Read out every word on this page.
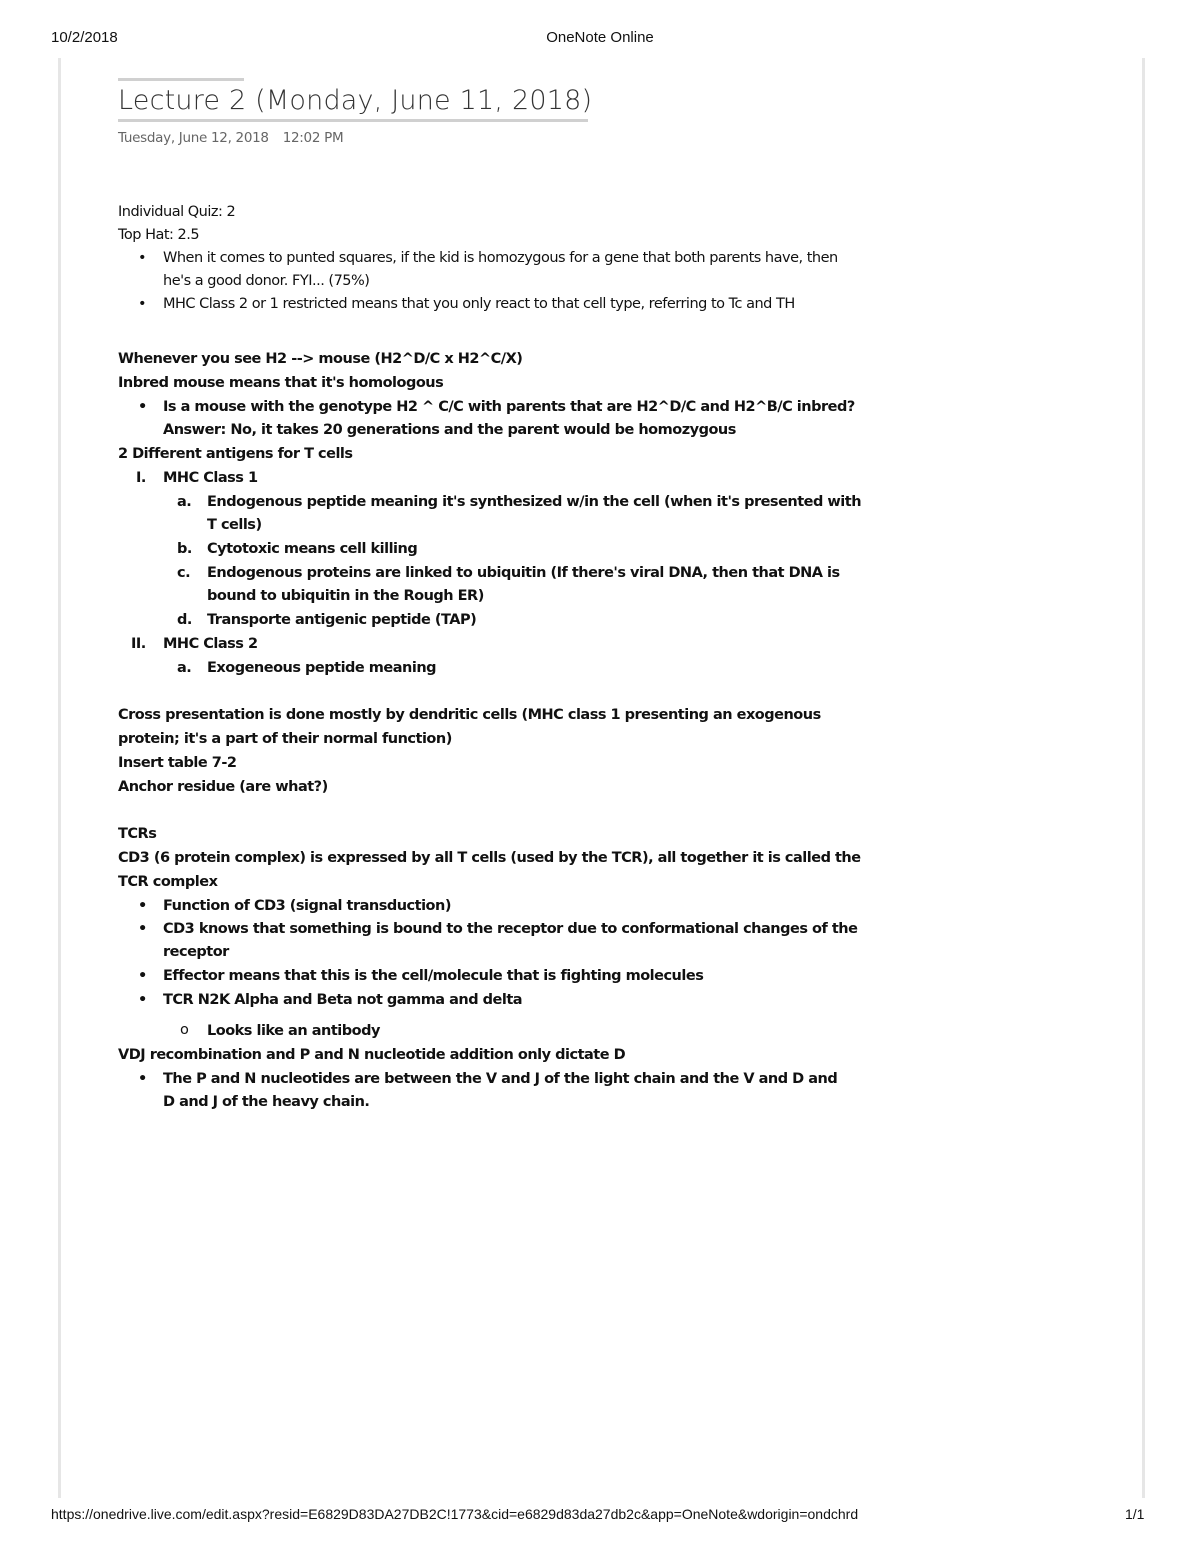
10/2/2018	OneNote Online
Lecture 2 (Monday, June 11, 2018)
Tuesday, June 12, 2018 12:02 PM
Individual Quiz: 2
Top Hat: 2.5
• When it comes to punted squares, if the kid is homozygous for a gene that both parents have, then
he's a good donor. FYI... (75%)
• MHC Class 2 or 1 restricted means that you only react to that cell type, referring to Tc and TH
Whenever you see H2 --> mouse (H2^D/C x H2^C/X)
Inbred mouse means that it's homologous
• Is a mouse with the genotype H2 ^ C/C with parents that are H2^D/C and H2^B/C inbred?
Answer: No, it takes 20 generations and the parent would be homozygous
2 Different antigens for T cells
I. MHC Class 1
a. Endogenous peptide meaning it's synthesized w/in the cell (when it's presented with
T cells)
b. Cytotoxic means cell killing
c. Endogenous proteins are linked to ubiquitin (If there's viral DNA, then that DNA is
bound to ubiquitin in the Rough ER)
d. Transporte antigenic peptide (TAP)
II. MHC Class 2
a. Exogeneous peptide meaning
Cross presentation is done mostly by dendritic cells (MHC class 1 presenting an exogenous
protein; it's a part of their normal function)
Insert table 7-2
Anchor residue (are what?)
TCRs
CD3 (6 protein complex) is expressed by all T cells (used by the TCR), all together it is called the
TCR complex
• Function of CD3 (signal transduction)
• CD3 knows that something is bound to the receptor due to conformational changes of the
receptor
• Effector means that this is the cell/molecule that is fighting molecules
• TCR N2K Alpha and Beta not gamma and delta
o Looks like an antibody
VDJ recombination and P and N nucleotide addition only dictate D
• The P and N nucleotides are between the V and J of the light chain and the V and D and
D and J of the heavy chain.
https://onedrive.live.com/edit.aspx?resid=E6829D83DA27DB2C!1773&cid=e6829d83da27db2c&app=OneNote&wdorigin=ondchrd	1/1
